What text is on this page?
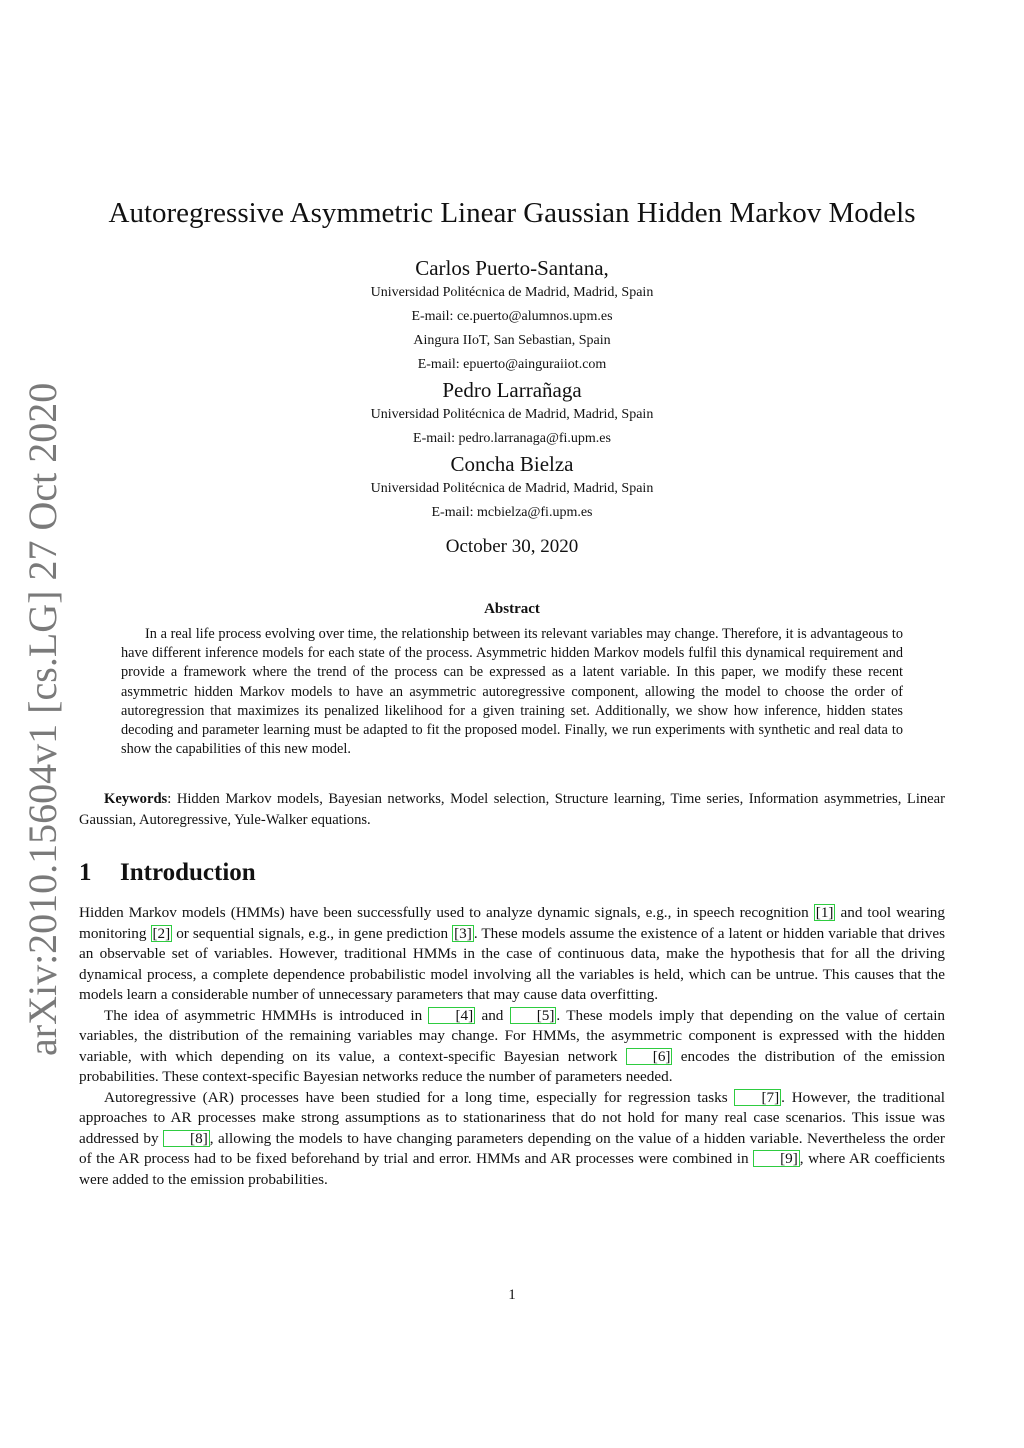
arXiv:2010.15604v1 [cs.LG] 27 Oct 2020
Autoregressive Asymmetric Linear Gaussian Hidden Markov Models
Carlos Puerto-Santana,
Universidad Politécnica de Madrid, Madrid, Spain
E-mail: ce.puerto@alumnos.upm.es
Aingura IIoT, San Sebastian, Spain
E-mail: epuerto@ainguraiiot.com
Pedro Larrañaga
Universidad Politécnica de Madrid, Madrid, Spain
E-mail: pedro.larranaga@fi.upm.es
Concha Bielza
Universidad Politécnica de Madrid, Madrid, Spain
E-mail: mcbielza@fi.upm.es
October 30, 2020
Abstract
In a real life process evolving over time, the relationship between its relevant variables may change. Therefore, it is advantageous to have different inference models for each state of the process. Asymmetric hidden Markov models fulfil this dynamical requirement and provide a framework where the trend of the process can be expressed as a latent variable. In this paper, we modify these recent asymmetric hidden Markov models to have an asymmetric autoregressive component, allowing the model to choose the order of autoregression that maximizes its penalized likelihood for a given training set. Additionally, we show how inference, hidden states decoding and parameter learning must be adapted to fit the proposed model. Finally, we run experiments with synthetic and real data to show the capabilities of this new model.
Keywords: Hidden Markov models, Bayesian networks, Model selection, Structure learning, Time series, Information asymmetries, Linear Gaussian, Autoregressive, Yule-Walker equations.
1 Introduction

Hidden Markov models (HMMs) have been successfully used to analyze dynamic signals, e.g., in speech recognition [1] and tool wearing monitoring [2] or sequential signals, e.g., in gene prediction [3] . These models assume the existence of a latent or hidden variable that drives an observable set of variables. However, traditional HMMs in the case of continuous data, make the hypothesis that for all the driving dynamical process, a complete dependence probabilistic model involving all the variables is held, which can be untrue. This causes that the models learn a considerable number of unnecessary parameters that may cause data overfitting.

The idea of asymmetric HMMHs is introduced in [4] and [5] . These models imply that depending on the value of certain variables, the distribution of the remaining variables may change. For HMMs, the asymmetric component is expressed with the hidden variable, with which depending on its value, a context-specific Bayesian network [6] encodes the distribution of the emission probabilities. These context-specific Bayesian networks reduce the number of parameters needed.

Autoregressive (AR) processes have been studied for a long time, especially for regression tasks [7] . However, the traditional approaches to AR processes make strong assumptions as to stationariness that do not hold for many real case scenarios. This issue was addressed by [8] , allowing the models to have changing parameters depending on the value of a hidden variable. Nevertheless the order of the AR process had to be fixed beforehand by trial and error. HMMs and AR processes were combined in [9] , where AR coefficients were added to the emission probabilities.

1
